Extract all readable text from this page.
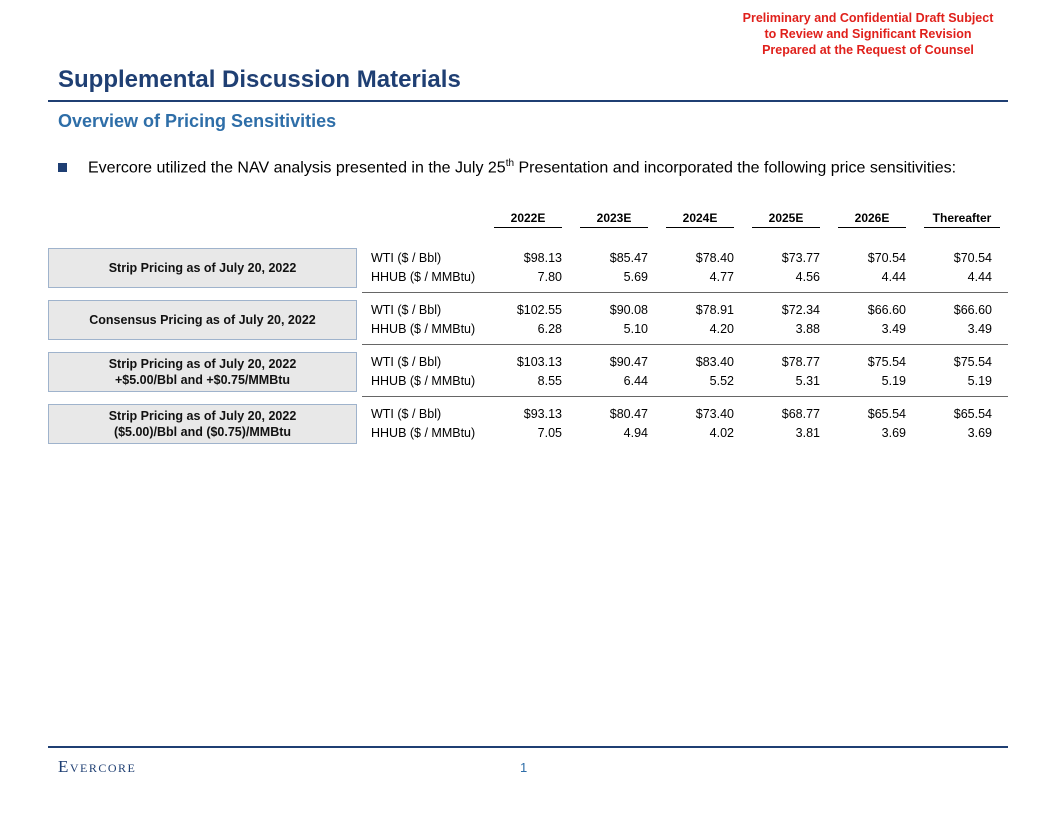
Preliminary and Confidential Draft Subject
to Review and Significant Revision
Prepared at the Request of Counsel
Supplemental Discussion Materials
Overview of Pricing Sensitivities
Evercore utilized the NAV analysis presented in the July 25th Presentation and incorporated the following price sensitivities:
2022E	2023E	2024E	2025E	2026E	Thereafter
Strip Pricing as of July 20, 2022
WTI ($ / Bbl)	$98.13	$85.47	$78.40	$73.77	$70.54	$70.54
HHUB ($ / MMBtu)	7.80	5.69	4.77	4.56	4.44	4.44
Consensus Pricing as of July 20, 2022
WTI ($ / Bbl)	$102.55	$90.08	$78.91	$72.34	$66.60	$66.60
HHUB ($ / MMBtu)	6.28	5.10	4.20	3.88	3.49	3.49
Strip Pricing as of July 20, 2022
+$5.00/Bbl and +$0.75/MMBtu
WTI ($ / Bbl)	$103.13	$90.47	$83.40	$78.77	$75.54	$75.54
HHUB ($ / MMBtu)	8.55	6.44	5.52	5.31	5.19	5.19
Strip Pricing as of July 20, 2022
($5.00)/Bbl and ($0.75)/MMBtu
WTI ($ / Bbl)	$93.13	$80.47	$73.40	$68.77	$65.54	$65.54
HHUB ($ / MMBtu)	7.05	4.94	4.02	3.81	3.69	3.69
Evercore	1
